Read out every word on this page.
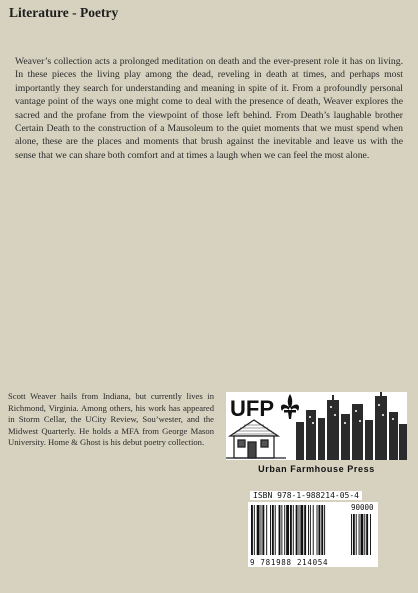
Literature - Poetry

Weaver’s collection acts a prolonged meditation on death and the ever-present role it has on living. In these pieces the living play among the dead, reveling in death at times, and perhaps most importantly they search for understanding and meaning in spite of it. From a profoundly personal vantage point of the ways one might come to deal with the presence of death, Weaver explores the sacred and the profane from the viewpoint of those left behind. From Death’s laughable brother Certain Death to the construction of a Mausoleum to the quiet moments that we must spend when alone, these are the places and moments that brush against the inevitable and leave us with the sense that we can share both comfort and at times a laugh when we can feel the most alone.

Scott Weaver hails from Indiana, but currently lives in Richmond, Virginia. Among others, his work has appeared in Storm Cellar, the UCity Review, Sou’wester, and the Midwest Quarterly. He holds a MFA from George Mason University. Home & Ghost is his debut poetry collection.

UFP
Urban Farmhouse Press
ISBN 978-1-988214-05-4
90000
9 781988 214054
